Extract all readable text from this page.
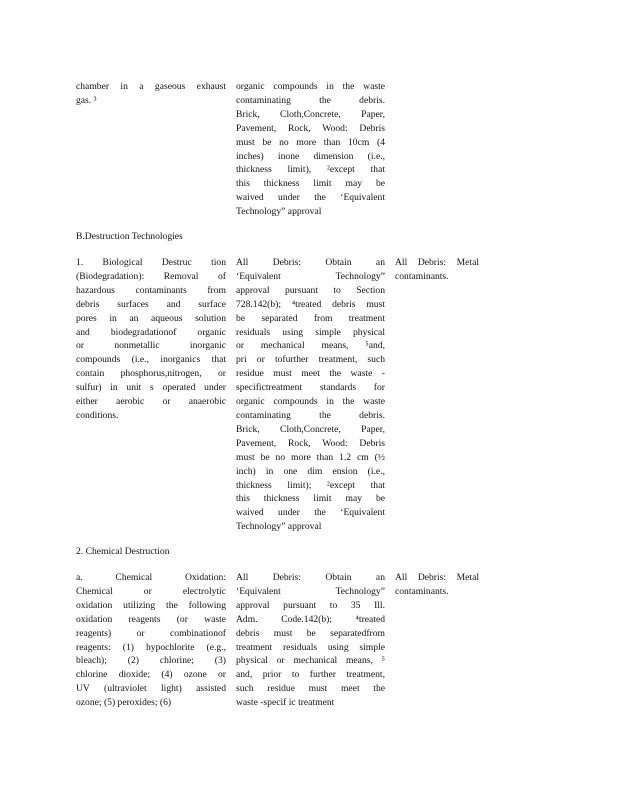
chamber in a gaseous exhaust
gas. ³
organic compounds in the waste
contaminating the debris.
Brick, Cloth,Concrete, Paper,
Pavement, Rock, Wood: Debris
must be no more than 10cm (4
inches) inone dimension (i.e.,
thickness limit), ²except that
this thickness limit may be
waived under the ‘Equivalent
Technology” approval
B.Destruction Technologies
1. Biological Destruc tion
(Biodegradation): Removal of
hazardous contaminants from
debris surfaces and surface
pores in an aqueous solution
and biodegradationof organic
or nonmetallic inorganic
compounds (i.e., inorganics that
contain phosphorus,nitrogen, or
sulfur) in unit s operated under
either aerobic or anaerobic
conditions.
All Debris: Obtain an
‘Equivalent Technology”
approval pursuant to Section
728.142(b); ⁴treated debris must
be separated from treatment
residuals using simple physical
or mechanical means, ⁵and,
pri or tofurther treatment, such
residue must meet the waste -
specifictreatment standards for
organic compounds in the waste
contaminating the debris.
Brick, Cloth,Concrete, Paper,
Pavement, Rock, Wood: Debris
must be no more than 1.2 cm (½
inch) in one dim ension (i.e.,
thickness limit); ²except that
this thickness limit may be
waived under the ‘Equivalent
Technology” approval
All Debris: Metal
contaminants.
2. Chemical Destruction
a. Chemical Oxidation:
Chemical or electrolytic
oxidation utilizing the following
oxidation reagents (or waste
reagents) or combinationof
reagents: (1) hypochlorite (e.g.,
bleach); (2) chlorine; (3)
chlorine dioxide; (4) ozone or
UV (ultraviolet light) assisted
ozone; (5) peroxides; (6)
All Debris: Obtain an
‘Equivalent Technology”
approval pursuant to 35 Ill.
Adm. Code.142(b); ⁴treated
debris must be separatedfrom
treatment residuals using simple
physical or mechanical means, ⁵
and, prior to further treatment,
such residue must meet the
waste -specif ic treatment
All Debris: Metal
contaminants.
